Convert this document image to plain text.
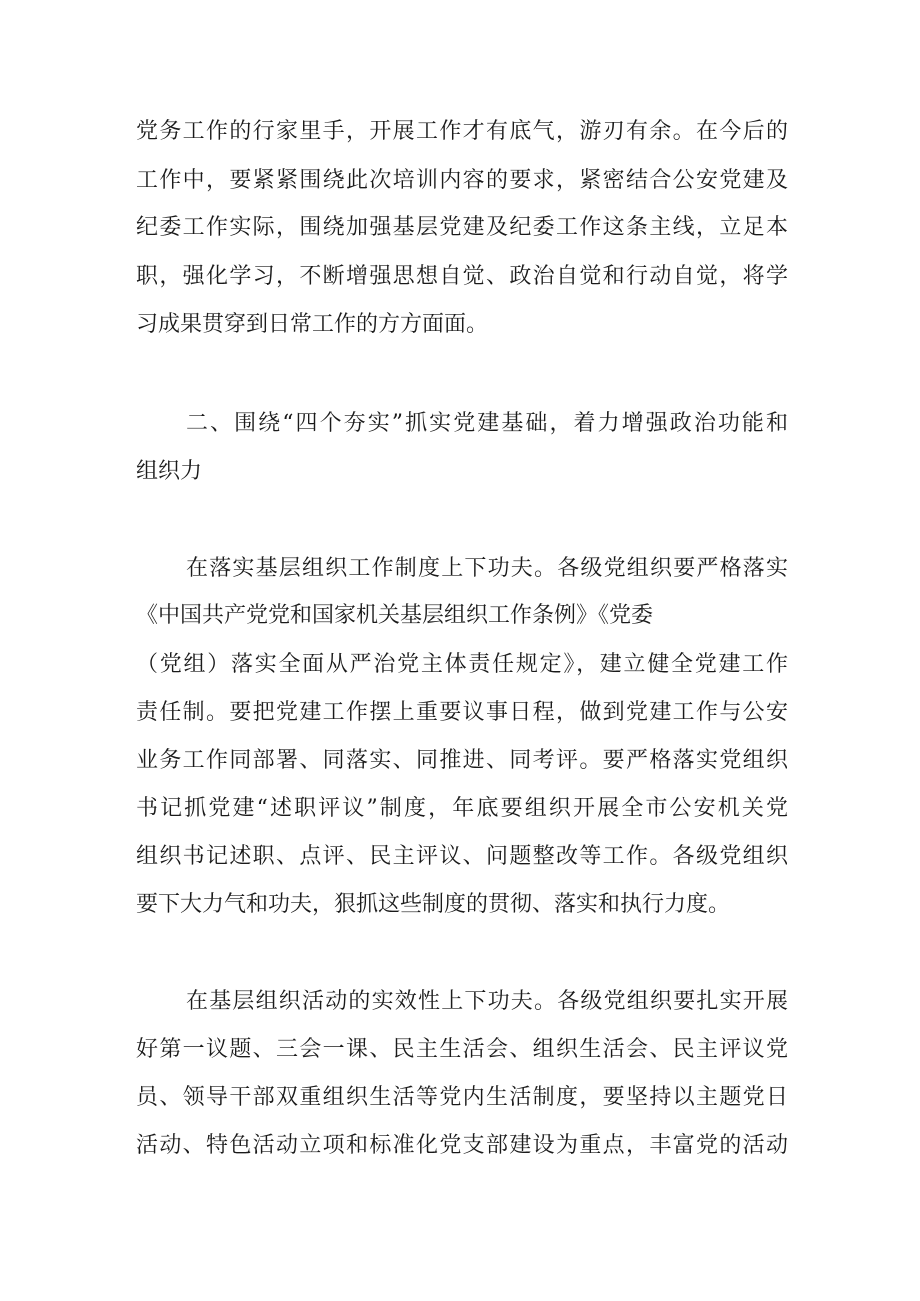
党务工作的行家里手，开展工作才有底气，游刃有余。在今后的
工作中，要紧紧围绕此次培训内容的要求，紧密结合公安党建及
纪委工作实际，围绕加强基层党建及纪委工作这条主线，立足本
职，强化学习，不断增强思想自觉、政治自觉和行动自觉，将学
习成果贯穿到日常工作的方方面面。
二、围绕“四个夯实”抓实党建基础，着力增强政治功能和
组织力
在落实基层组织工作制度上下功夫。各级党组织要严格落实
《中国共产党党和国家机关基层组织工作条例》《党委
（党组）落实全面从严治党主体责任规定》，建立健全党建工作
责任制。要把党建工作摆上重要议事日程，做到党建工作与公安
业务工作同部署、同落实、同推进、同考评。要严格落实党组织
书记抓党建“述职评议”制度，年底要组织开展全市公安机关党
组织书记述职、点评、民主评议、问题整改等工作。各级党组织
要下大力气和功夫，狠抓这些制度的贯彻、落实和执行力度。
在基层组织活动的实效性上下功夫。各级党组织要扎实开展
好第一议题、三会一课、民主生活会、组织生活会、民主评议党
员、领导干部双重组织生活等党内生活制度，要坚持以主题党日
活动、特色活动立项和标准化党支部建设为重点，丰富党的活动
